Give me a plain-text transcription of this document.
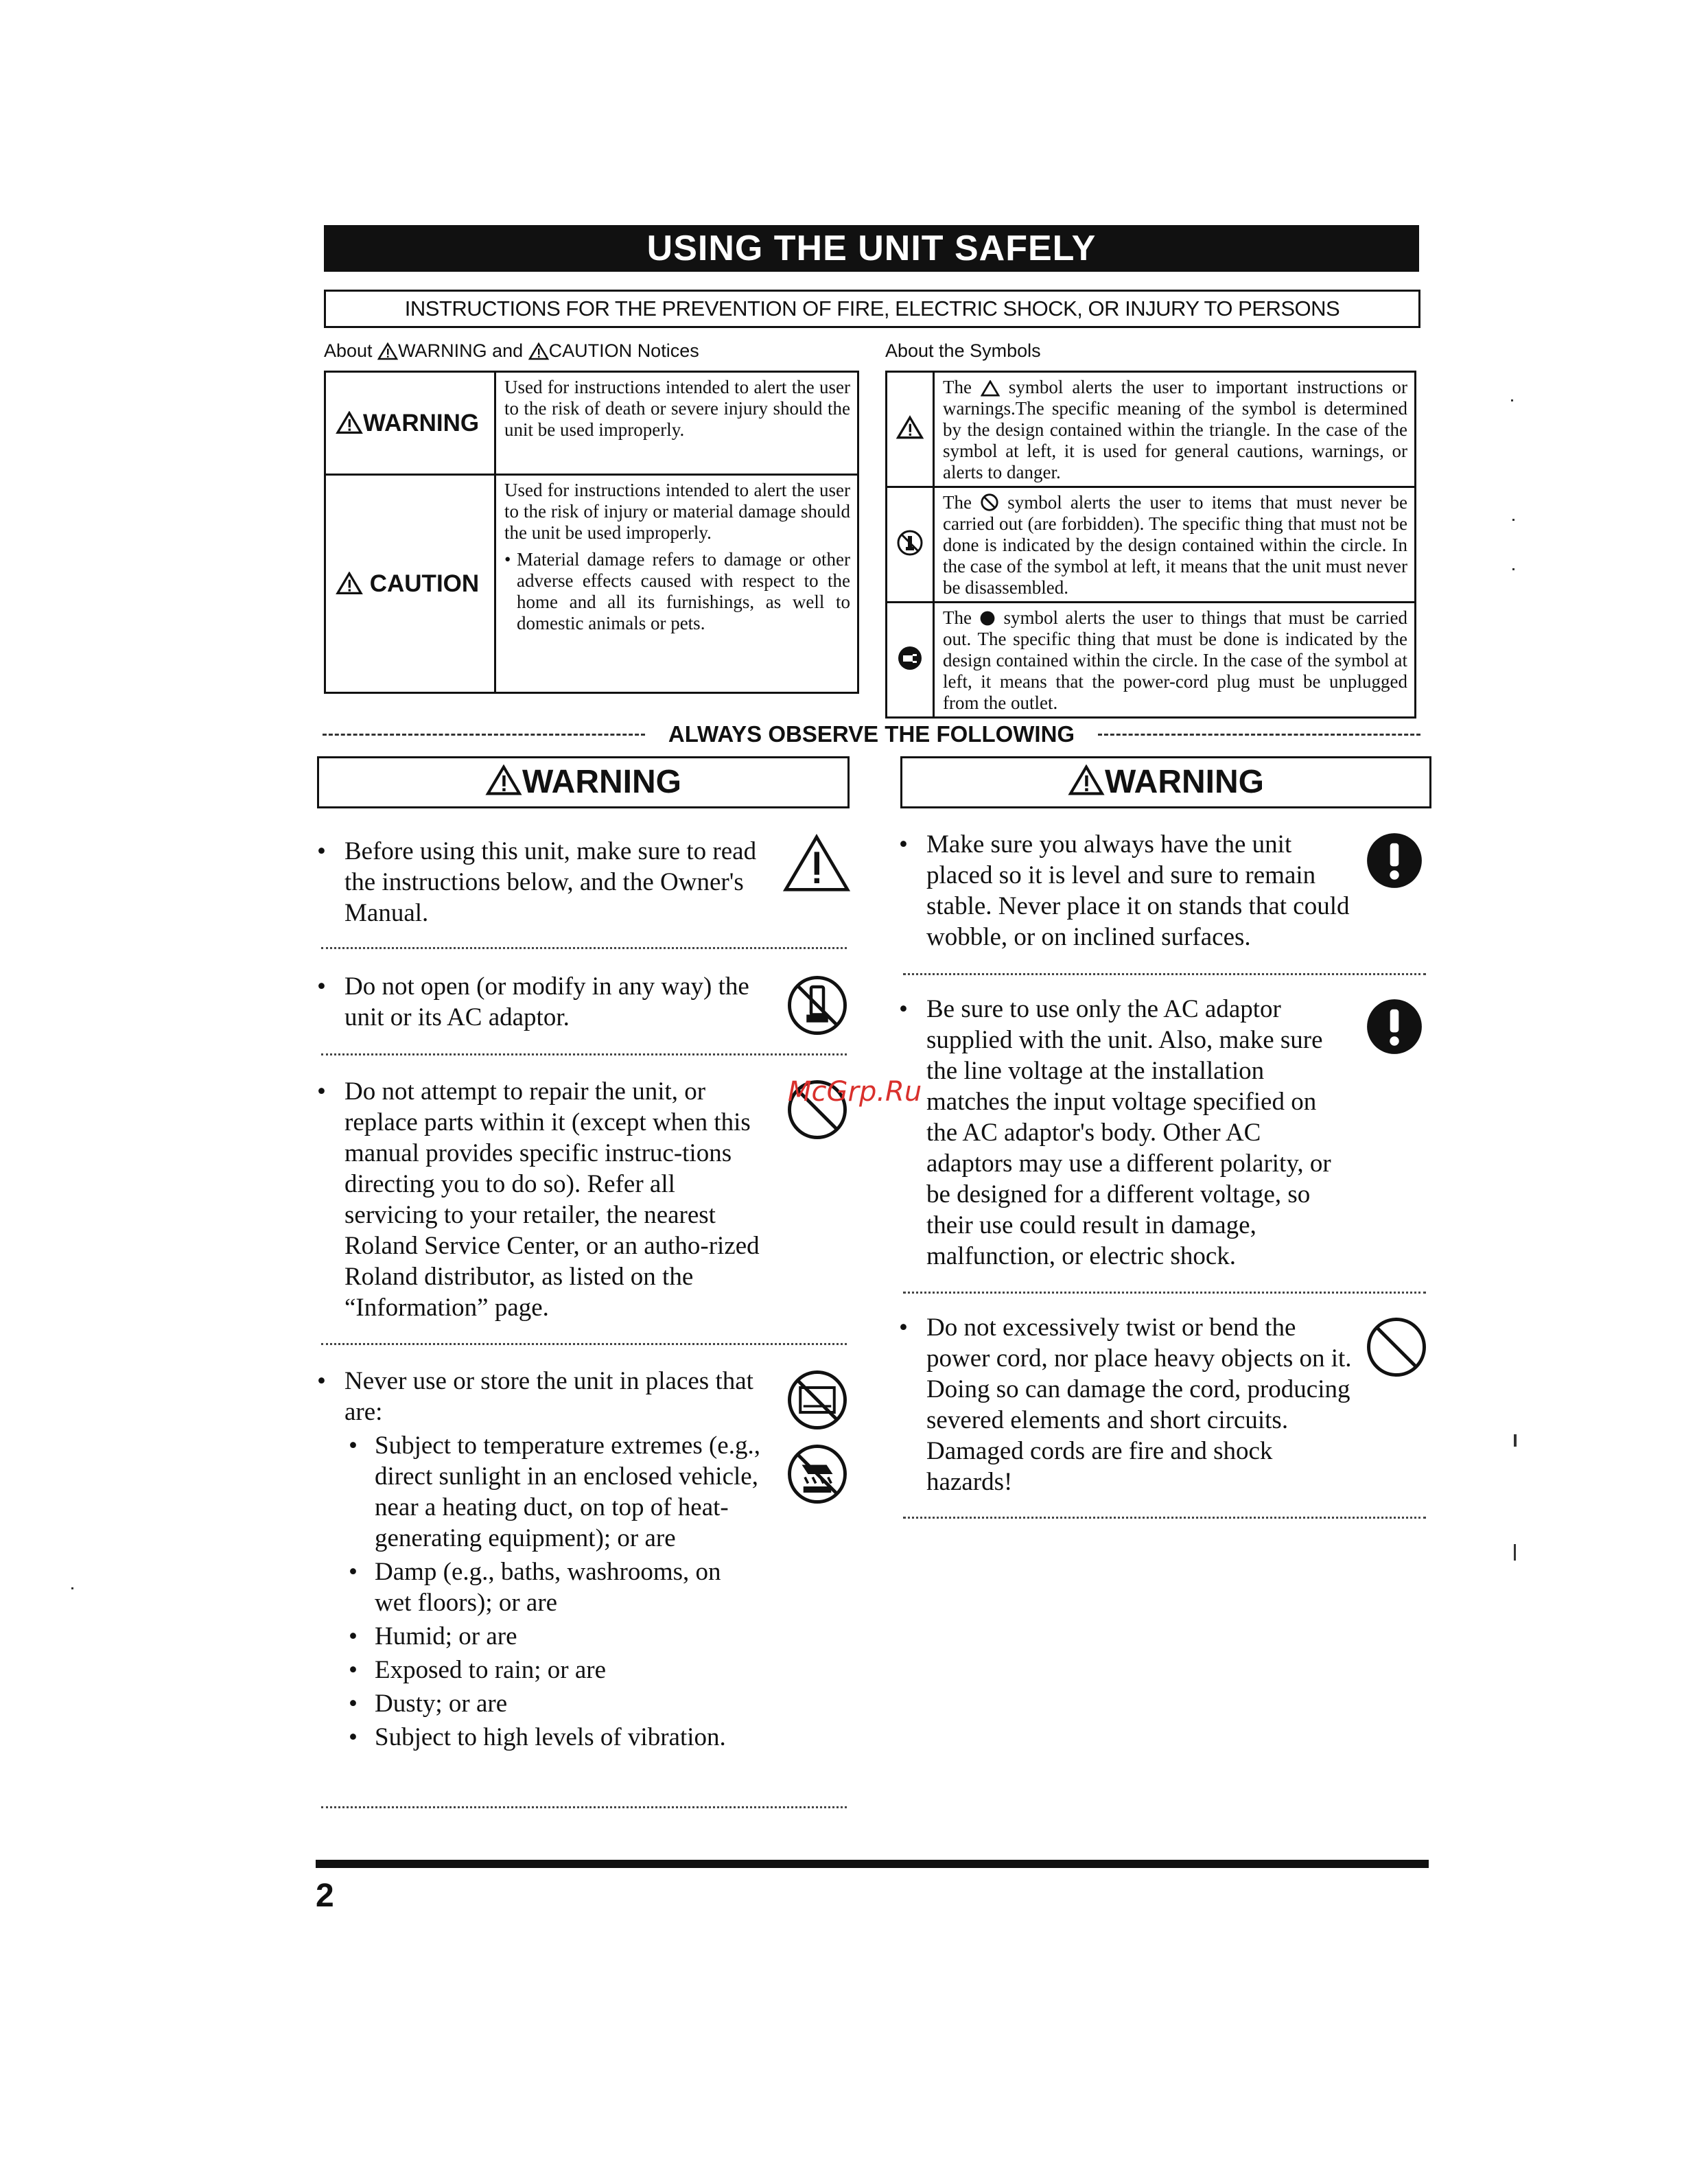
USING THE UNIT SAFELY
INSTRUCTIONS FOR THE PREVENTION OF FIRE, ELECTRIC SHOCK, OR INJURY TO PERSONS
About WARNING and CAUTION Notices	About the Symbols
WARNING	Used for instructions intended to alert the user to the risk of death or severe injury should the unit be used improperly.
CAUTION	Used for instructions intended to alert the user to the risk of injury or material damage should the unit be used improperly.
• Material damage refers to damage or other adverse effects caused with respect to the home and all its furnishings, as well to domestic animals or pets.
	The symbol alerts the user to important instructions or warnings.The specific meaning of the symbol is determined by the design contained within the triangle. In the case of the symbol at left, it is used for general cautions, warnings, or alerts to danger.
	The symbol alerts the user to items that must never be carried out (are forbidden). The specific thing that must not be done is indicated by the design contained within the circle. In the case of the symbol at left, it means that the unit must never be disassembled.
	The symbol alerts the user to things that must be carried out. The specific thing that must be done is indicated by the design contained within the circle. In the case of the symbol at left, it means that the power-cord plug must be unplugged from the outlet.
ALWAYS OBSERVE THE FOLLOWING
WARNING	WARNING
• Before using this unit, make sure to read the instructions below, and the Owner's Manual.
• Do not open (or modify in any way) the unit or its AC adaptor.
• Do not attempt to repair the unit, or replace parts within it (except when this manual provides specific instruc-tions directing you to do so). Refer all servicing to your retailer, the nearest Roland Service Center, or an autho-rized Roland distributor, as listed on the “Information” page.
• Never use or store the unit in places that are:
• Subject to temperature extremes (e.g., direct sunlight in an enclosed vehicle, near a heating duct, on top of heat-generating equipment); or are
• Damp (e.g., baths, washrooms, on wet floors); or are
• Humid; or are
• Exposed to rain; or are
• Dusty; or are
• Subject to high levels of vibration.
• Make sure you always have the unit placed so it is level and sure to remain stable. Never place it on stands that could wobble, or on inclined surfaces.
• Be sure to use only the AC adaptor supplied with the unit. Also, make sure the line voltage at the installation matches the input voltage specified on the AC adaptor's body. Other AC adaptors may use a different polarity, or be designed for a different voltage, so their use could result in damage, malfunction, or electric shock.
• Do not excessively twist or bend the power cord, nor place heavy objects on it. Doing so can damage the cord, producing severed elements and short circuits. Damaged cords are fire and shock hazards!
2
McGrp.Ru
